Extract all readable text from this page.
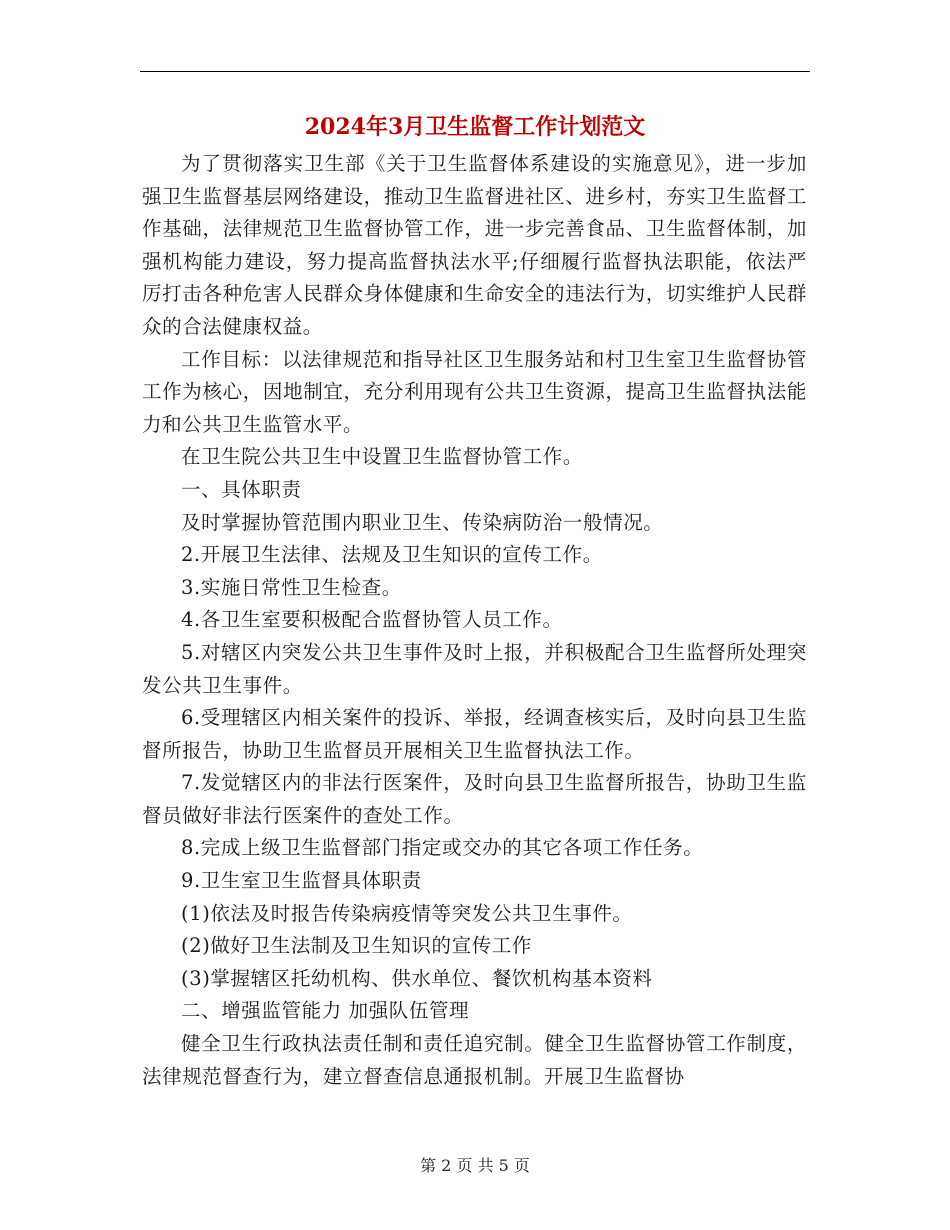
2024年3月卫生监督工作计划范文

为了贯彻落实卫生部《关于卫生监督体系建设的实施意见》，进一步加强卫生监督基层网络建设，推动卫生监督进社区、进乡村，夯实卫生监督工作基础，法律规范卫生监督协管工作，进一步完善食品、卫生监督体制，加强机构能力建设，努力提高监督执法水平;仔细履行监督执法职能，依法严厉打击各种危害人民群众身体健康和生命安全的违法行为，切实维护人民群众的合法健康权益。

工作目标：以法律规范和指导社区卫生服务站和村卫生室卫生监督协管工作为核心，因地制宜，充分利用现有公共卫生资源，提高卫生监督执法能力和公共卫生监管水平。

在卫生院公共卫生中设置卫生监督协管工作。

一、具体职责

及时掌握协管范围内职业卫生、传染病防治一般情况。

2.开展卫生法律、法规及卫生知识的宣传工作。

3.实施日常性卫生检查。

4.各卫生室要积极配合监督协管人员工作。

5.对辖区内突发公共卫生事件及时上报，并积极配合卫生监督所处理突发公共卫生事件。

6.受理辖区内相关案件的投诉、举报，经调查核实后，及时向县卫生监督所报告，协助卫生监督员开展相关卫生监督执法工作。

7.发觉辖区内的非法行医案件，及时向县卫生监督所报告，协助卫生监督员做好非法行医案件的查处工作。

8.完成上级卫生监督部门指定或交办的其它各项工作任务。

9.卫生室卫生监督具体职责

(1)依法及时报告传染病疫情等突发公共卫生事件。

(2)做好卫生法制及卫生知识的宣传工作

(3)掌握辖区托幼机构、供水单位、餐饮机构基本资料

二、增强监管能力 加强队伍管理

健全卫生行政执法责任制和责任追究制。健全卫生监督协管工作制度，法律规范督查行为，建立督查信息通报机制。开展卫生监督协

第 2 页 共 5 页
